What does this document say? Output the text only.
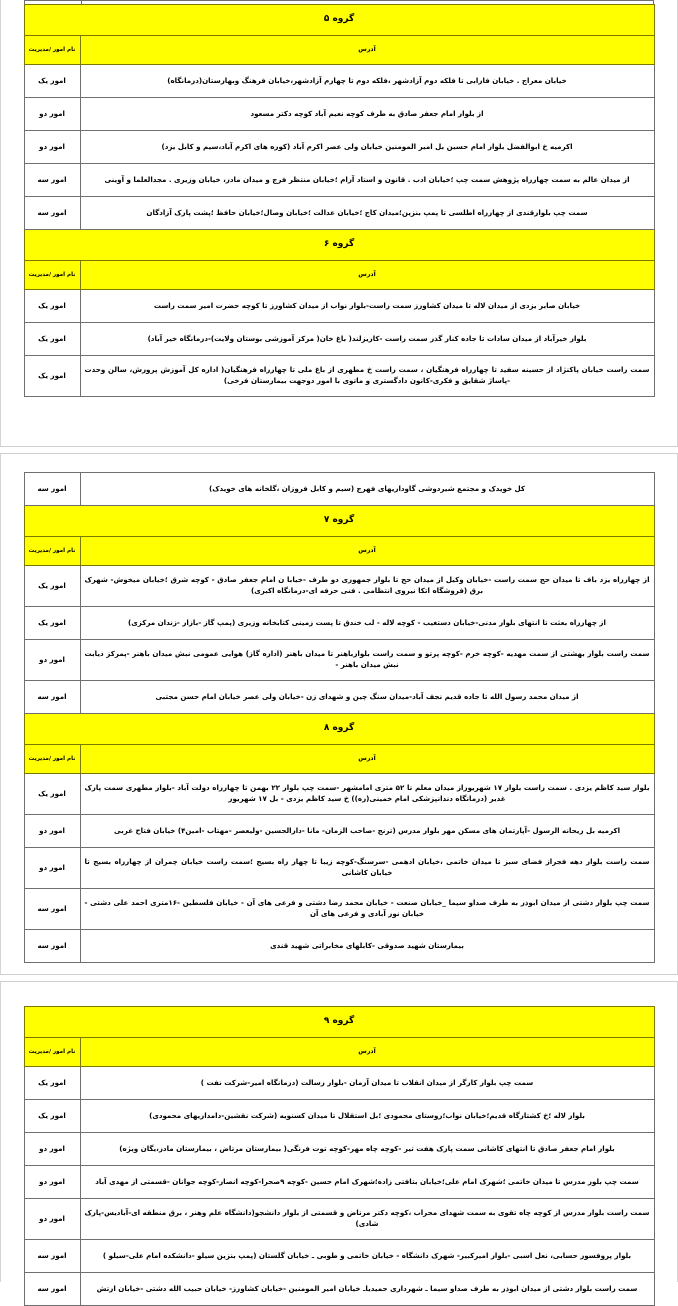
گروه ۵	
آدرس	نام امور /مدیریت
خیابان معراج . خیابان فارابی تا فلکه دوم آزادشهر ،فلکه دوم تا چهارم آزادشهر،خیابان فرهنگ وبهارستان(درمانگاه)	امور یک
از بلوار امام جعفر صادق به طرف کوچه نعیم آباد کوچه دکتر مسعود	امور دو
اکرمیه خ ابوالفضل بلوار امام حسین بل امیر المومنین خیابان ولی عصر اکرم آباد (کوره های اکرم آباد،سیم و کابل یزد)	امور دو
از میدان عالم به سمت چهارراه پژوهش سمت چپ ؛خیابان ادب . قانون و استاد آرام ؛خیابان منتظر فرج و میدان مادر، خیابان وزیری . مجدالعلما و آوینی	امور سه
سمت چپ بلوارقندی از چهارراه اطلسی تا پمپ بنزین؛میدان کاج ؛خیابان عدالت ؛خیابان وصال؛خیابان حافظ ؛پشت پارک آزادگان	امور سه
گروه ۶	
آدرس	نام امور /مدیریت
خیابان صابر یزدی از میدان لاله تا میدان کشاورز سمت راست-بلوار نواب از میدان کشاورز تا کوچه حضرت امیر سمت راست	امور یک
بلوار خیرآباد از میدان سادات تا جاده کنار گذر سمت راست -کاریزلند( باغ خان( مرکز آموزشی بوستان ولایت)-درمانگاه خیر آباد)	امور یک
سمت راست خیابان پاکنژاد از حسینه سفید تا چهارراه فرهنگیان ، سمت راست خ مطهری از باغ ملی تا چهارراه فرهنگیان( اداره کل آموزش پرورش، سالن وحدت -پاساژ شقایق و فکری-کانون دادگستری و ماتوی با امور دوجهت بیمارستان فرخی)	امور یک
کل خویدک و مجتمع شیردوشی گاوداریهای فهرج (سیم و کابل فروزان ،گلخانه های خویدک)	امور سه
گروه ۷	
آدرس	نام امور /مدیریت
از چهارراه یزد باف تا میدان حج سمت راست -خیابان وکیل از میدان حج تا بلوار جمهوری دو طرف -خیابا ن امام جعفر صادق - کوچه شرق ؛خیابان میخوش- شهرک برق (فروشگاه اتکا نیروی انتظامی . فنی حرفه ای-درمانگاه اکبری)	امور یک
از چهارراه بعثت تا انتهای بلوار مدنی-خیابان دستغیب - کوچه لاله - لب خندق تا پست زمینی کتابخانه وزیری (پمپ گاز -بازار -زندان مرکزی)	امور یک
سمت راست بلوار بهشتی از سمت مهدیه -کوچه خرم -کوچه پرتو و سمت راست بلوارباهنر تا میدان باهنر (اداره گاز) هوایی عمومی نبش میدان باهنر -پمرکز دیابت نبش میدان باهنر -	امور دو
از میدان محمد رسول الله تا جاده قدیم نجف آباد-میدان سنگ چین و شهدای زن -خیابان ولی عصر خیابان امام حسن مجتبی	امور سه
گروه ۸	
آدرس	نام امور /مدیریت
بلوار سید کاظم یزدی . سمت راست بلوار ۱۷ شهریوراز میدان معلم تا ۵۲ متری امامشهر -سمت چپ بلوار ۲۲ بهمن تا چهارراه دولت آباد -بلوار مطهری سمت پارک غدیر (درمانگاه دندانپزشکی امام خمینی(ره)) خ سید کاظم یزدی - بل ۱۷ شهریور	امور یک
اکرمیه بل ریحانه الرسول -آپارتمان های مسکن مهر بلوار مدرس (ترنج -صاحب الزمان- مانا -دارالحسین -ولیعصر -مهتاب -امین۴) خیابان فتاح غربی	امور دو
سمت راست بلوار دهه فجراز فضای سبز تا میدان خاتمی ،خیابان ادهمی -سرسنگ-کوچه زیبا تا چهار راه بسیج ؛سمت راست خیابان چمران از چهارراه بسیج تا خیابان کاشانی	امور دو
سمت چپ بلوار دشتی از میدان ابوذر به طرف صداو سیما _خیابان صنعت - خیابان محمد رضا دشتی و فرعی های آن - خیابان فلسطین -۱۶متری احمد علی دشتی - خیابان نور آبادی و فرعی های آن	امور سه
بیمارستان شهید صدوقی -کابلهای مخابراتی شهید قندی	امور سه
گروه ۹	
آدرس	نام امور /مدیریت
سمت چپ بلوار کارگر از میدان انقلاب تا میدان آرمان -بلوار رسالت (درمانگاه امیر-شرکت نفت )	امور یک
بلوار لاله ؛خ کشتارگاه قدیم؛خیابان نواب؛روستای محمودی ؛بل استقلال تا میدان کسنویه (شرکت نقشین-دامداریهای محمودی)	امور یک
بلوار امام جعفر صادق تا انتهای کاشانی سمت پارک هفت تیر -کوچه چاه مهر-کوچه توت فرنگی( بیمارستان مرتاض ، بیمارستان مادر،یگان ویژه)	امور دو
سمت چپ بلور مدرس تا میدان خاتمی ؛شهرک امام علی؛خیابان بتافتی زاده؛شهرک امام حسین -کوچه ۹صحرا-کوچه انصار-کوچه جوانان -قسمتی از مهدی آباد	امور دو
سمت راست بلوار مدرس از کوچه چاه تقوی به سمت شهدای محراب ،کوچه دکتر مرتاض و قسمتی از بلوار دانشجو(دانشگاه علم وهنر ، برق منطقه ای-آبادیس-پارک شادی)	امور دو
بلوار پروفسور حسابی، نعل اسبی -بلوار امیرکبیر- شهرک دانشگاه - خیابان خاتمی و طوبی ـ خیابان گلستان (پمپ بنزین سیلو -دانشکده امام علی-سیلو )	امور سه
سمت راست بلوار دشتی از میدان ابوذر به طرف صداو سیما ـ شهرداری حمیدیاـ خیابان امیر المومنین -خیابان کشاورز- خیابان حبیب الله دشتی -خیابان ارتش	امور سه
